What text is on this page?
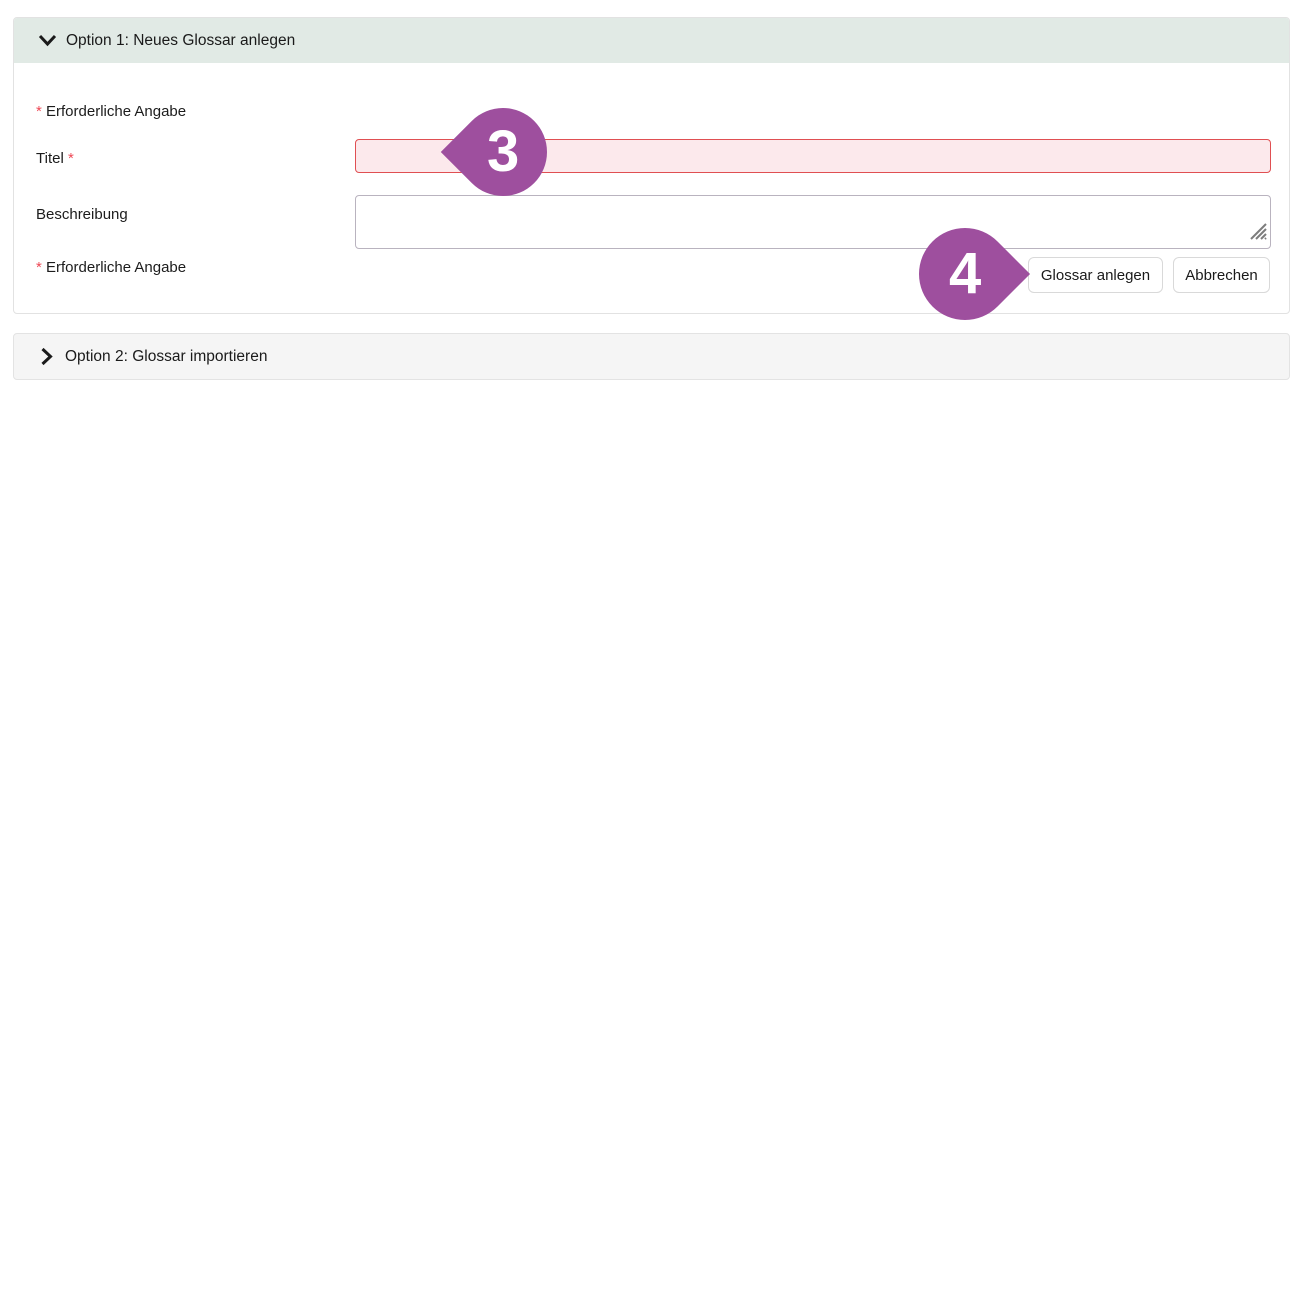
Option 1: Neues Glossar anlegen
* Erforderliche Angabe
Titel *
Beschreibung
* Erforderliche Angabe	Glossar anlegen	Abbrechen
Option 2: Glossar importieren
3
4
